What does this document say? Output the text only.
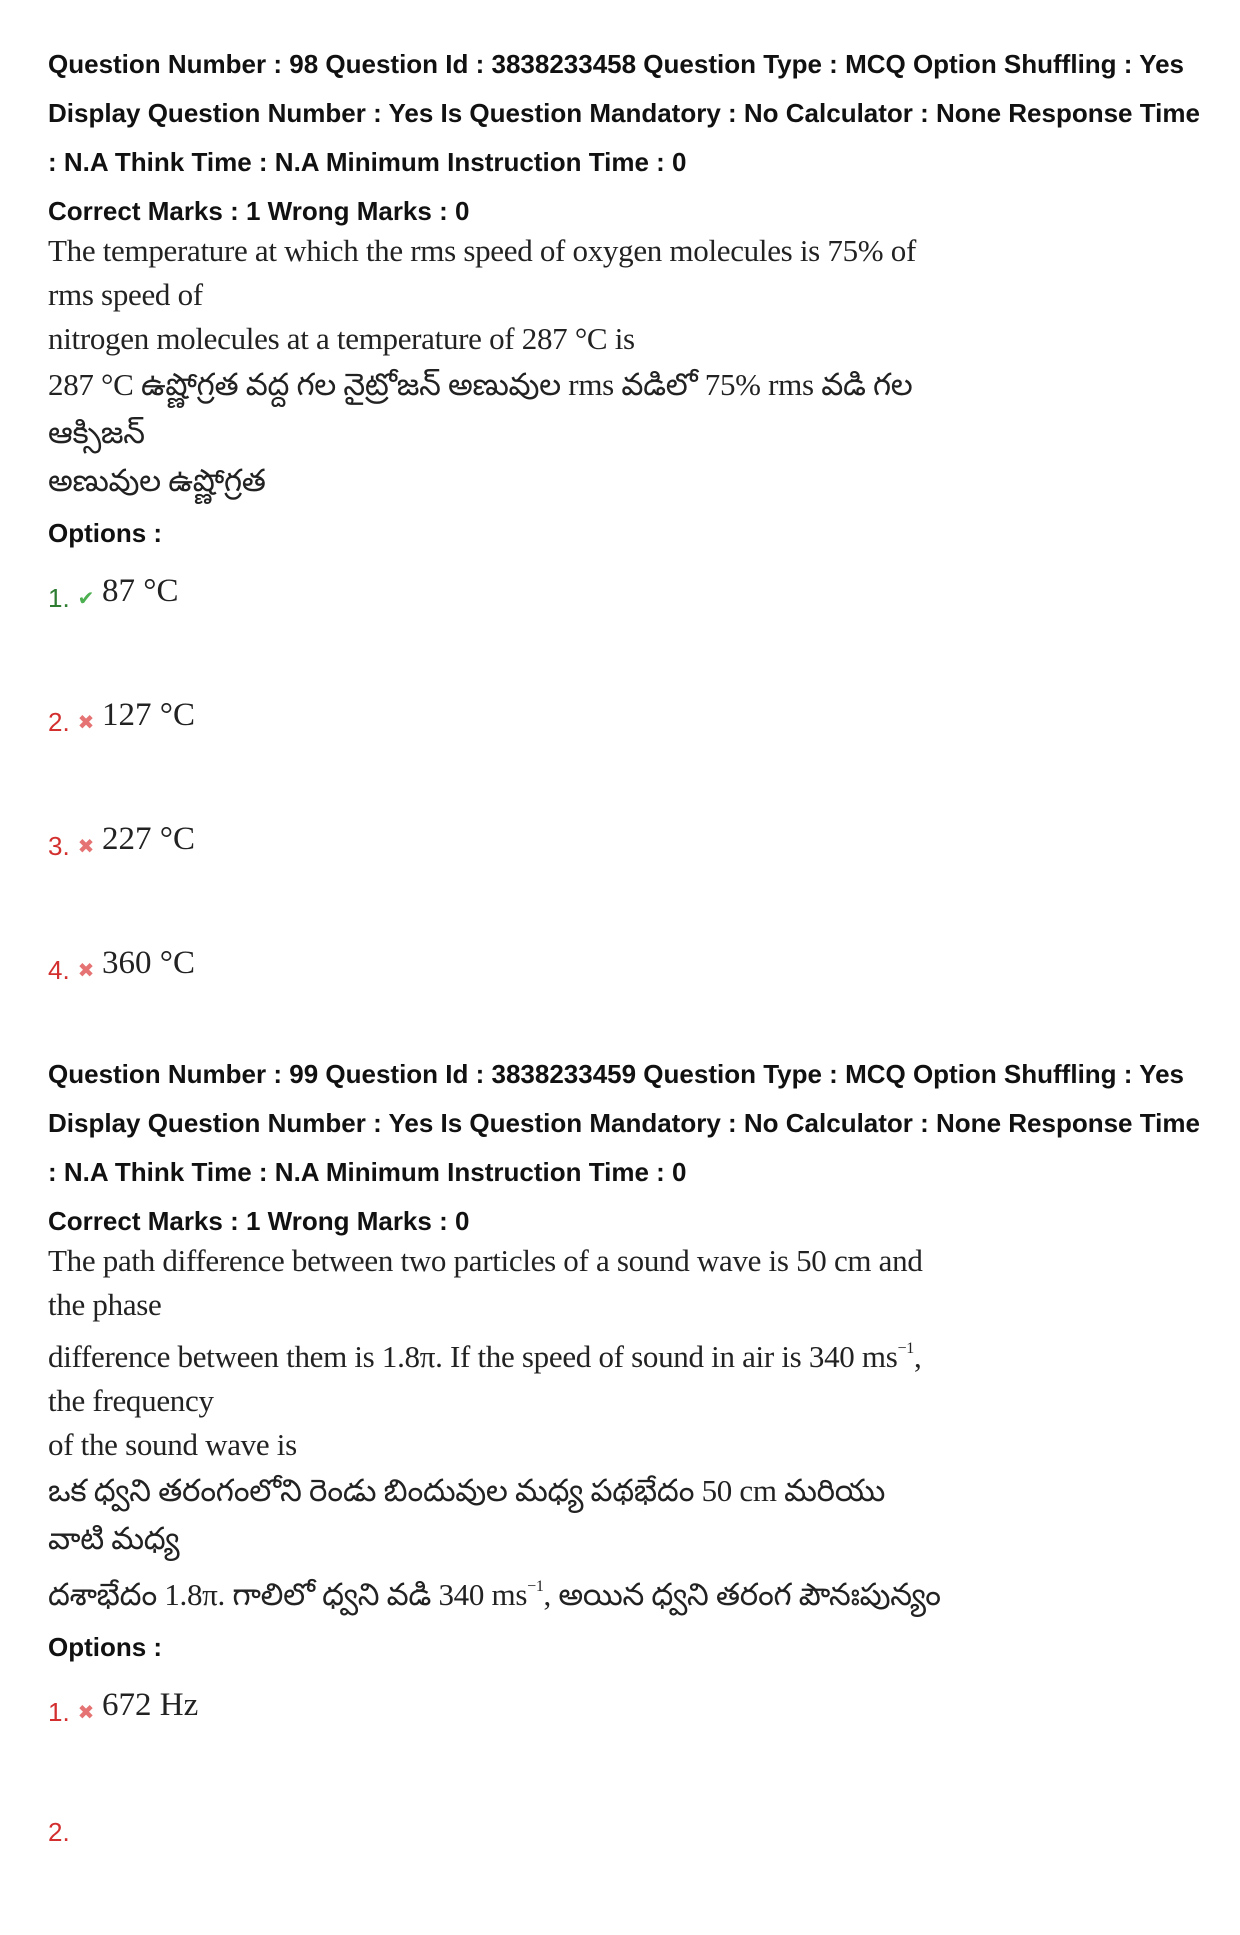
Question Number : 98 Question Id : 3838233458 Question Type : MCQ Option Shuffling : Yes

Display Question Number : Yes Is Question Mandatory : No Calculator : None Response Time

: N.A Think Time : N.A Minimum Instruction Time : 0

Correct Marks : 1 Wrong Marks : 0

The temperature at which the rms speed of oxygen molecules is 75% of rms speed of

nitrogen molecules at a temperature of 287 °C is

287 °C ఉష్ణోగ్రత వద్ద గల నైట్రోజన్ అణువుల rms వడిలో 75% rms వడి గల ఆక్సిజన్

అణువుల ఉష్ణోగ్రత

Options :

1. ✔ 87 °C
2. ✖ 127 °C
3. ✖ 227 °C
4. ✖ 360 °C

Question Number : 99 Question Id : 3838233459 Question Type : MCQ Option Shuffling : Yes

Display Question Number : Yes Is Question Mandatory : No Calculator : None Response Time

: N.A Think Time : N.A Minimum Instruction Time : 0

Correct Marks : 1 Wrong Marks : 0

The path difference between two particles of a sound wave is 50 cm and the phase

difference between them is 1.8π. If the speed of sound in air is 340 $ms^{-1}$, the frequency

of the sound wave is

ఒక ధ్వని తరంగంలోని రెండు బిందువుల మధ్య పథభేదం 50 cm మరియు వాటి మధ్య

దశాభేదం 1.8π. గాలిలో ధ్వని వడి 340 $ms^{-1}$, అయిన ధ్వని తరంగ పౌనఃపున్యం

Options :

1. ✖ 672 Hz
2.
